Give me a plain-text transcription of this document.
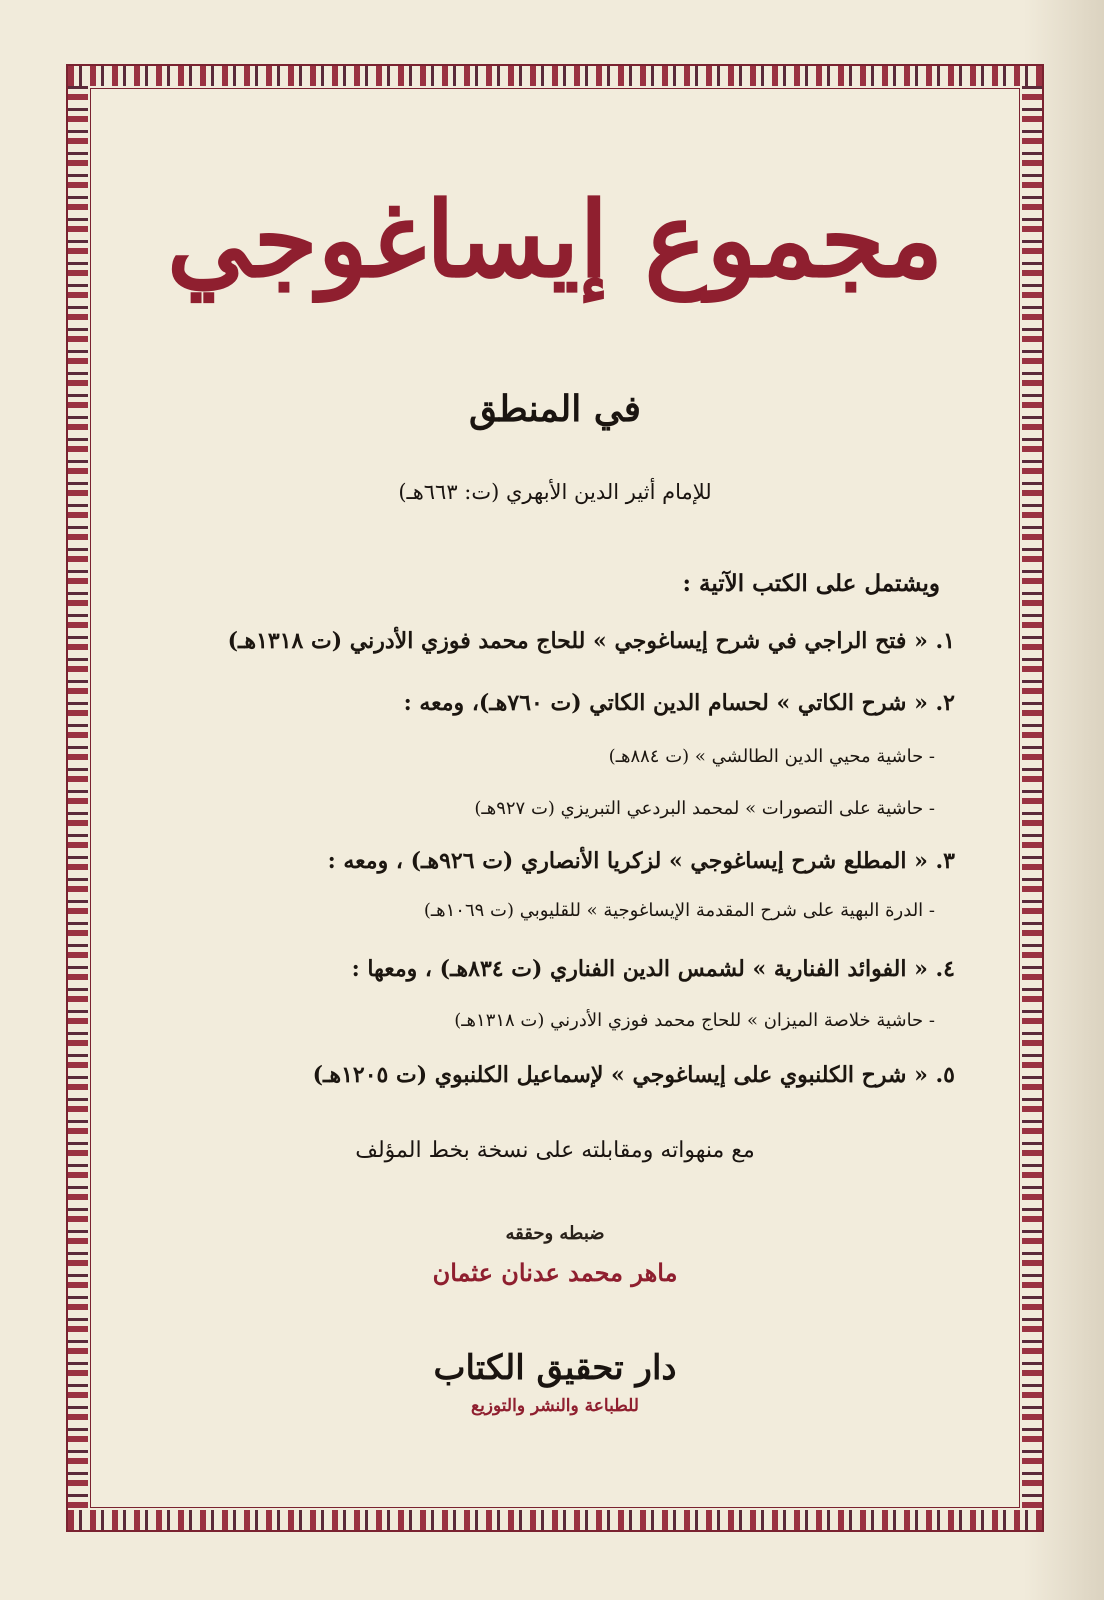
مجموع إيساغوجي
في المنطق
للإمام أثير الدين الأبهري (ت: ٦٦٣هـ)
ويشتمل على الكتب الآتية :

١. « فتح الراجي في شرح إيساغوجي » للحاج محمد فوزي الأدرني (ت ١٣١٨هـ)

٢. « شرح الكاتي » لحسام الدين الكاتي (ت ٧٦٠هـ)، ومعه :

- حاشية محيي الدين الطالشي » (ت ٨٨٤هـ)

- حاشية على التصورات » لمحمد البردعي التبريزي (ت ٩٢٧هـ)

٣. « المطلع شرح إيساغوجي » لزكريا الأنصاري (ت ٩٢٦هـ) ، ومعه :

- الدرة البهية على شرح المقدمة الإيساغوجية » للقليوبي (ت ١٠٦٩هـ)

٤. « الفوائد الفنارية » لشمس الدين الفناري (ت ٨٣٤هـ) ، ومعها :

- حاشية خلاصة الميزان » للحاج محمد فوزي الأدرني (ت ١٣١٨هـ)

٥. « شرح الكلنبوي على إيساغوجي » لإسماعيل الكلنبوي (ت ١٢٠٥هـ)

مع منهواته ومقابلته على نسخة بخط المؤلف
ضبطه وحققه
ماهر محمد عدنان عثمان
دار تحقيق الكتاب
للطباعة والنشر والتوزيع
